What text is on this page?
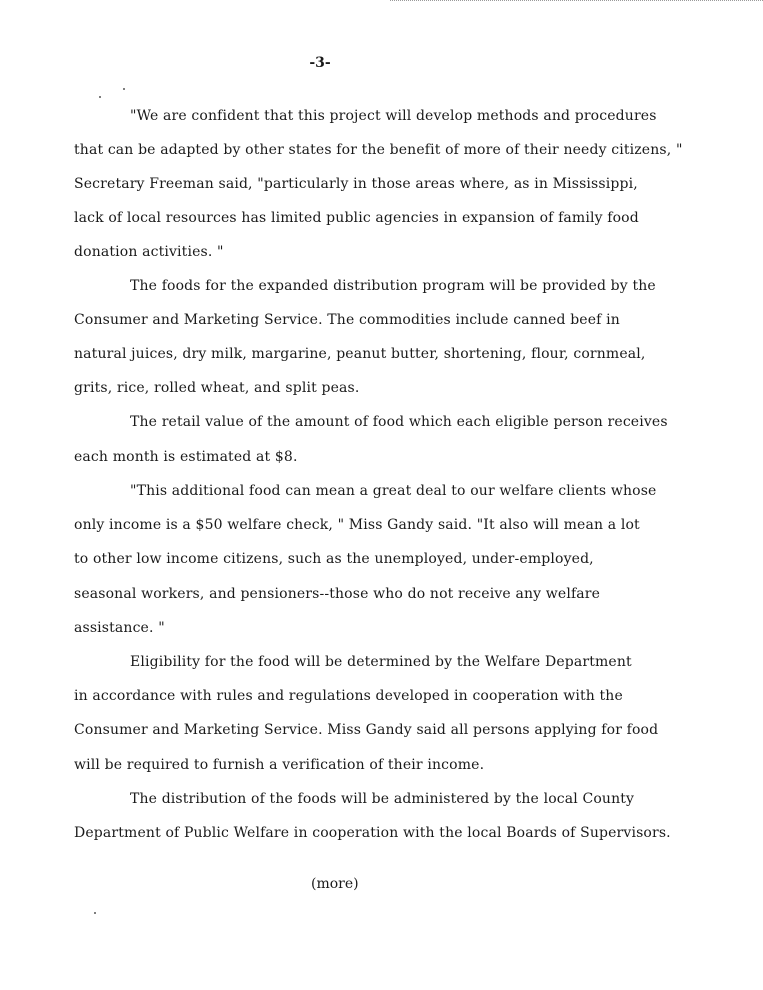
-3-
"We are confident that this project will develop methods and procedures
that can be adapted by other states for the benefit of more of their needy citizens, "
Secretary Freeman said, "particularly in those areas where, as in Mississippi,
lack of local resources has limited public agencies in expansion of family food
donation activities. "
The foods for the expanded distribution program will be provided by the
Consumer and Marketing Service. The commodities include canned beef in
natural juices, dry milk, margarine, peanut butter, shortening, flour, cornmeal,
grits, rice, rolled wheat, and split peas.
The retail value of the amount of food which each eligible person receives
each month is estimated at $8.
"This additional food can mean a great deal to our welfare clients whose
only income is a $50 welfare check, " Miss Gandy said. "It also will mean a lot
to other low income citizens, such as the unemployed, under-employed,
seasonal workers, and pensioners--those who do not receive any welfare
assistance. "
Eligibility for the food will be determined by the Welfare Department
in accordance with rules and regulations developed in cooperation with the
Consumer and Marketing Service. Miss Gandy said all persons applying for food
will be required to furnish a verification of their income.
The distribution of the foods will be administered by the local County
Department of Public Welfare in cooperation with the local Boards of Supervisors.
(more)
